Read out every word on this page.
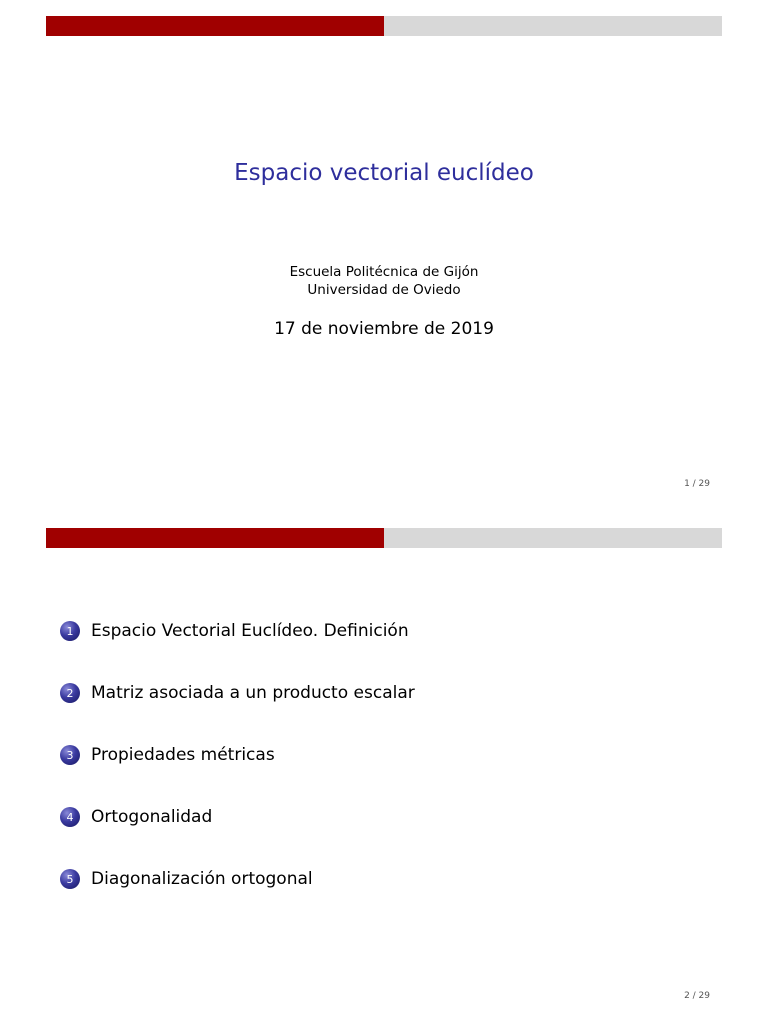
Espacio vectorial euclídeo
Escuela Politécnica de Gijón
Universidad de Oviedo
17 de noviembre de 2019
1 / 29
1	Espacio Vectorial Euclídeo. Definición
2	Matriz asociada a un producto escalar
3	Propiedades métricas
4	Ortogonalidad
5	Diagonalización ortogonal
2 / 29
